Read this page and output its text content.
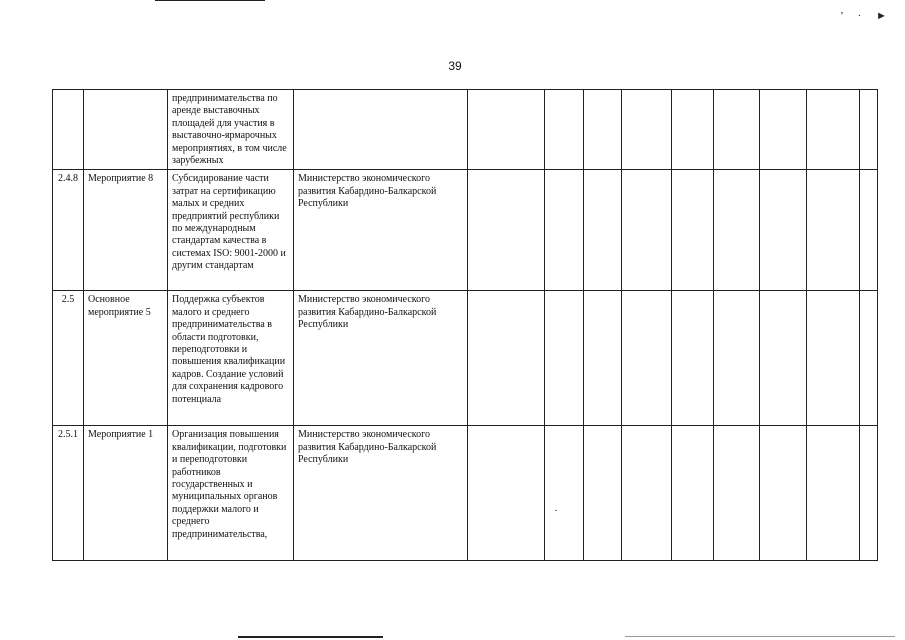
’ · ►
39
		предпринимательства по аренде выставочных площадей для участия в выставочно-ярмарочных мероприятиях, в том числе зарубежных										
2.4.8	Мероприятие 8	Субсидирование части затрат на сертификацию малых и средних предприятий республики по международным стандартам качества в системах ISO: 9001-2000 и другим стандартам	Министерство экономического развития Кабардино-Балкарской Республики									
2.5	Основное мероприятие 5	Поддержка субъектов малого и среднего предпринимательства в области подготовки, переподготовки и повышения квалификации кадров. Создание условий для сохранения кадрового потенциала	Министерство экономического развития Кабардино-Балкарской Республики									
2.5.1	Мероприятие 1	Организация повышения квалификации, подготовки и переподготовки работников государственных и муниципальных органов поддержки малого и среднего предпринимательства,	Министерство экономического развития Кабардино-Балкарской Республики									
